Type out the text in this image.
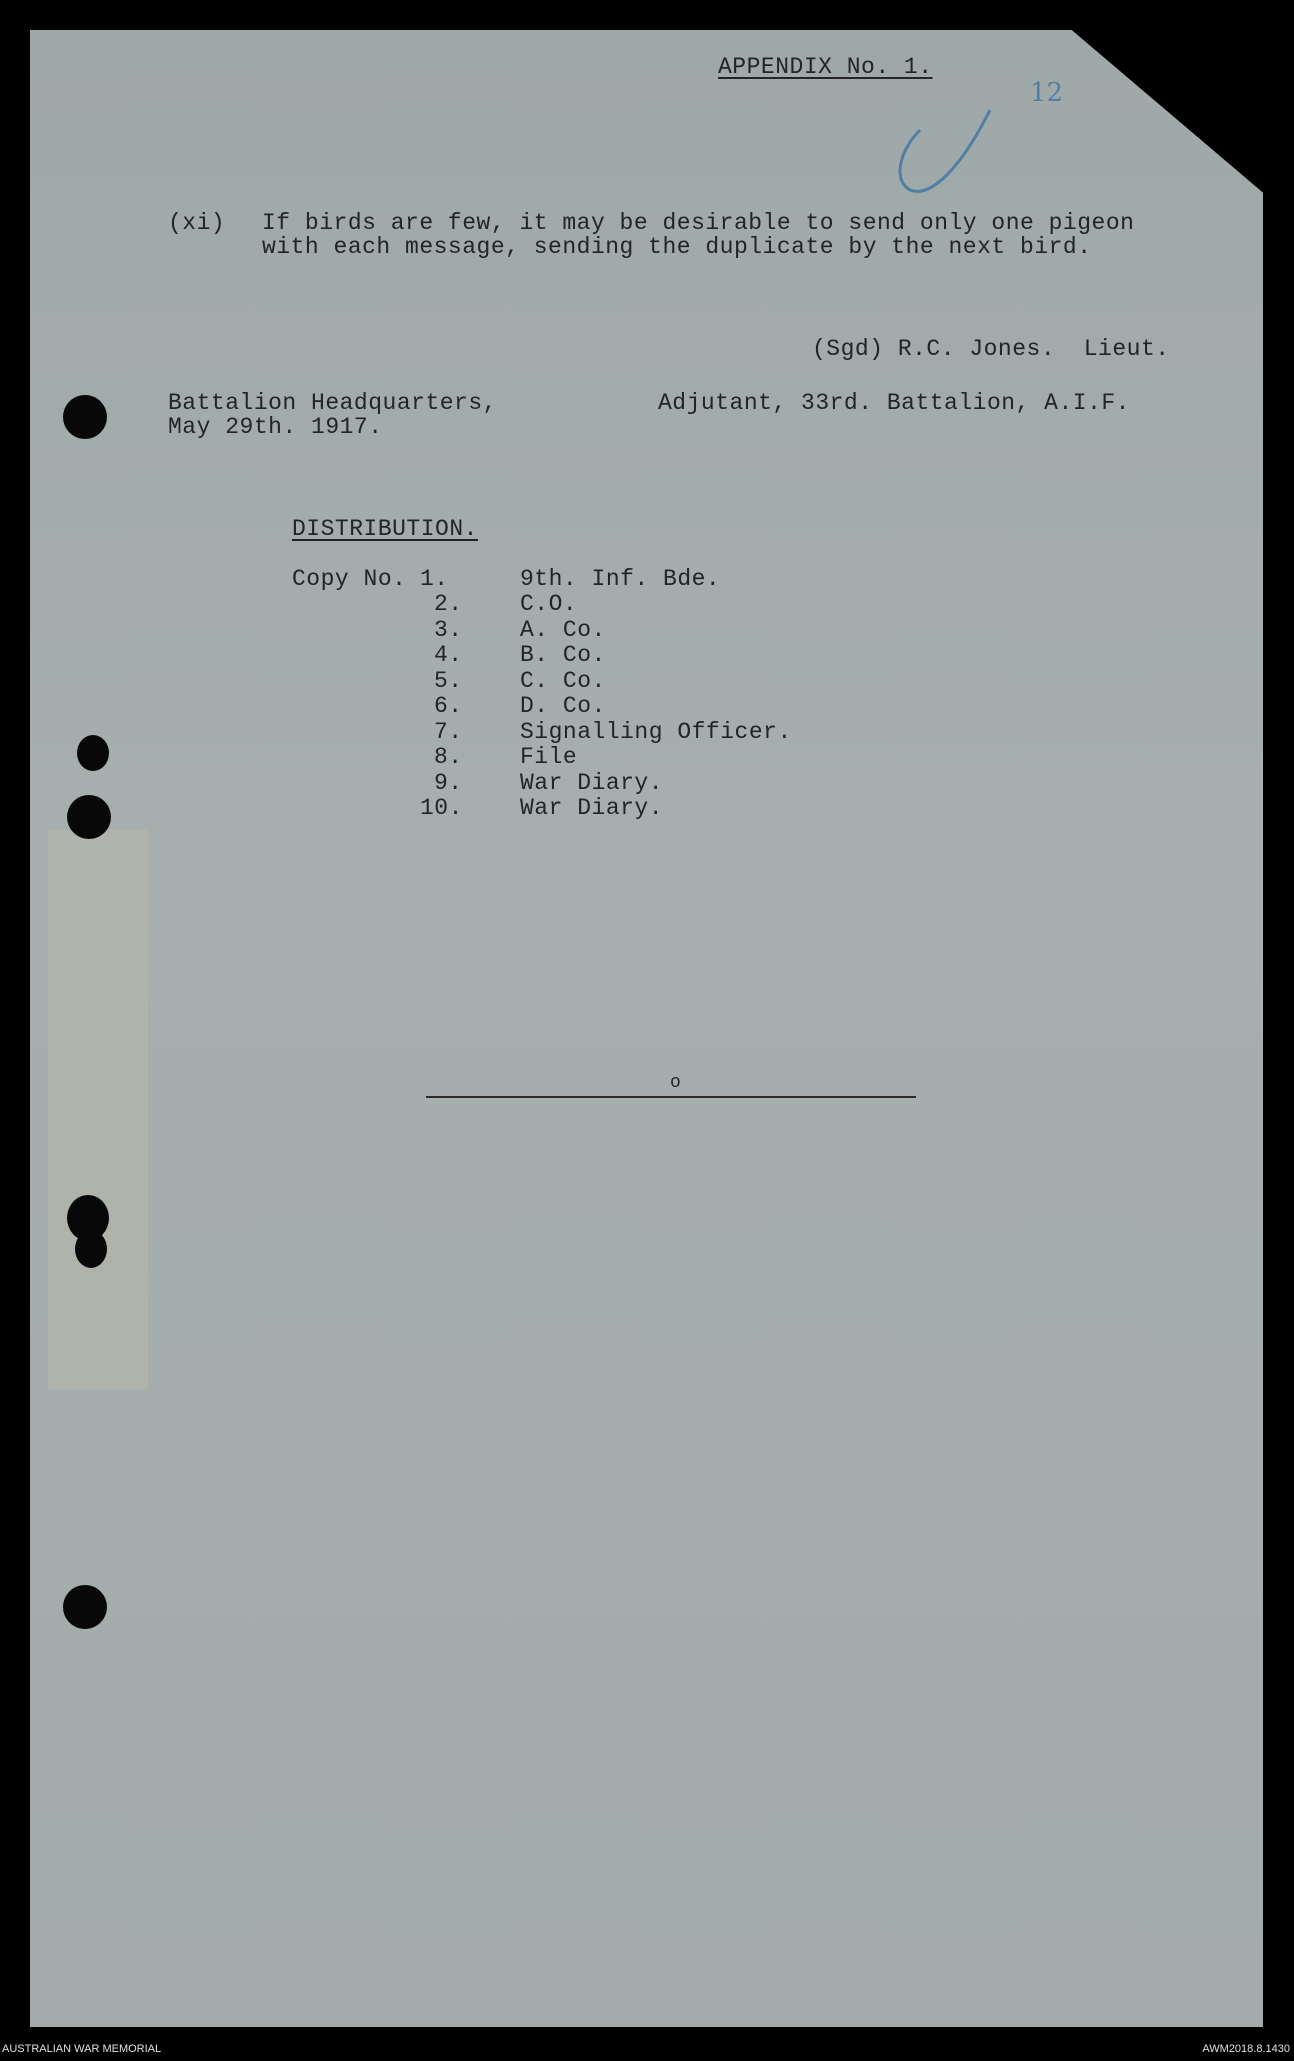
APPENDIX No. 1.
12
(xi) If birds are few, it may be desirable to send only one pigeon
with each message, sending the duplicate by the next bird.
(Sgd) R.C. Jones.  Lieut.
Adjutant, 33rd. Battalion, A.I.F.
Battalion Headquarters,
May 29th. 1917.
DISTRIBUTION.
Copy No. 1.	9th. Inf. Bde.
2. C.O.
3. A. Co.
4. B. Co.
5. C. Co.
6. D. Co.
7. Signalling Officer.
8. File
9. War Diary.
10. War Diary.
o
AUSTRALIAN WAR MEMORIAL	AWM2018.8.1430
